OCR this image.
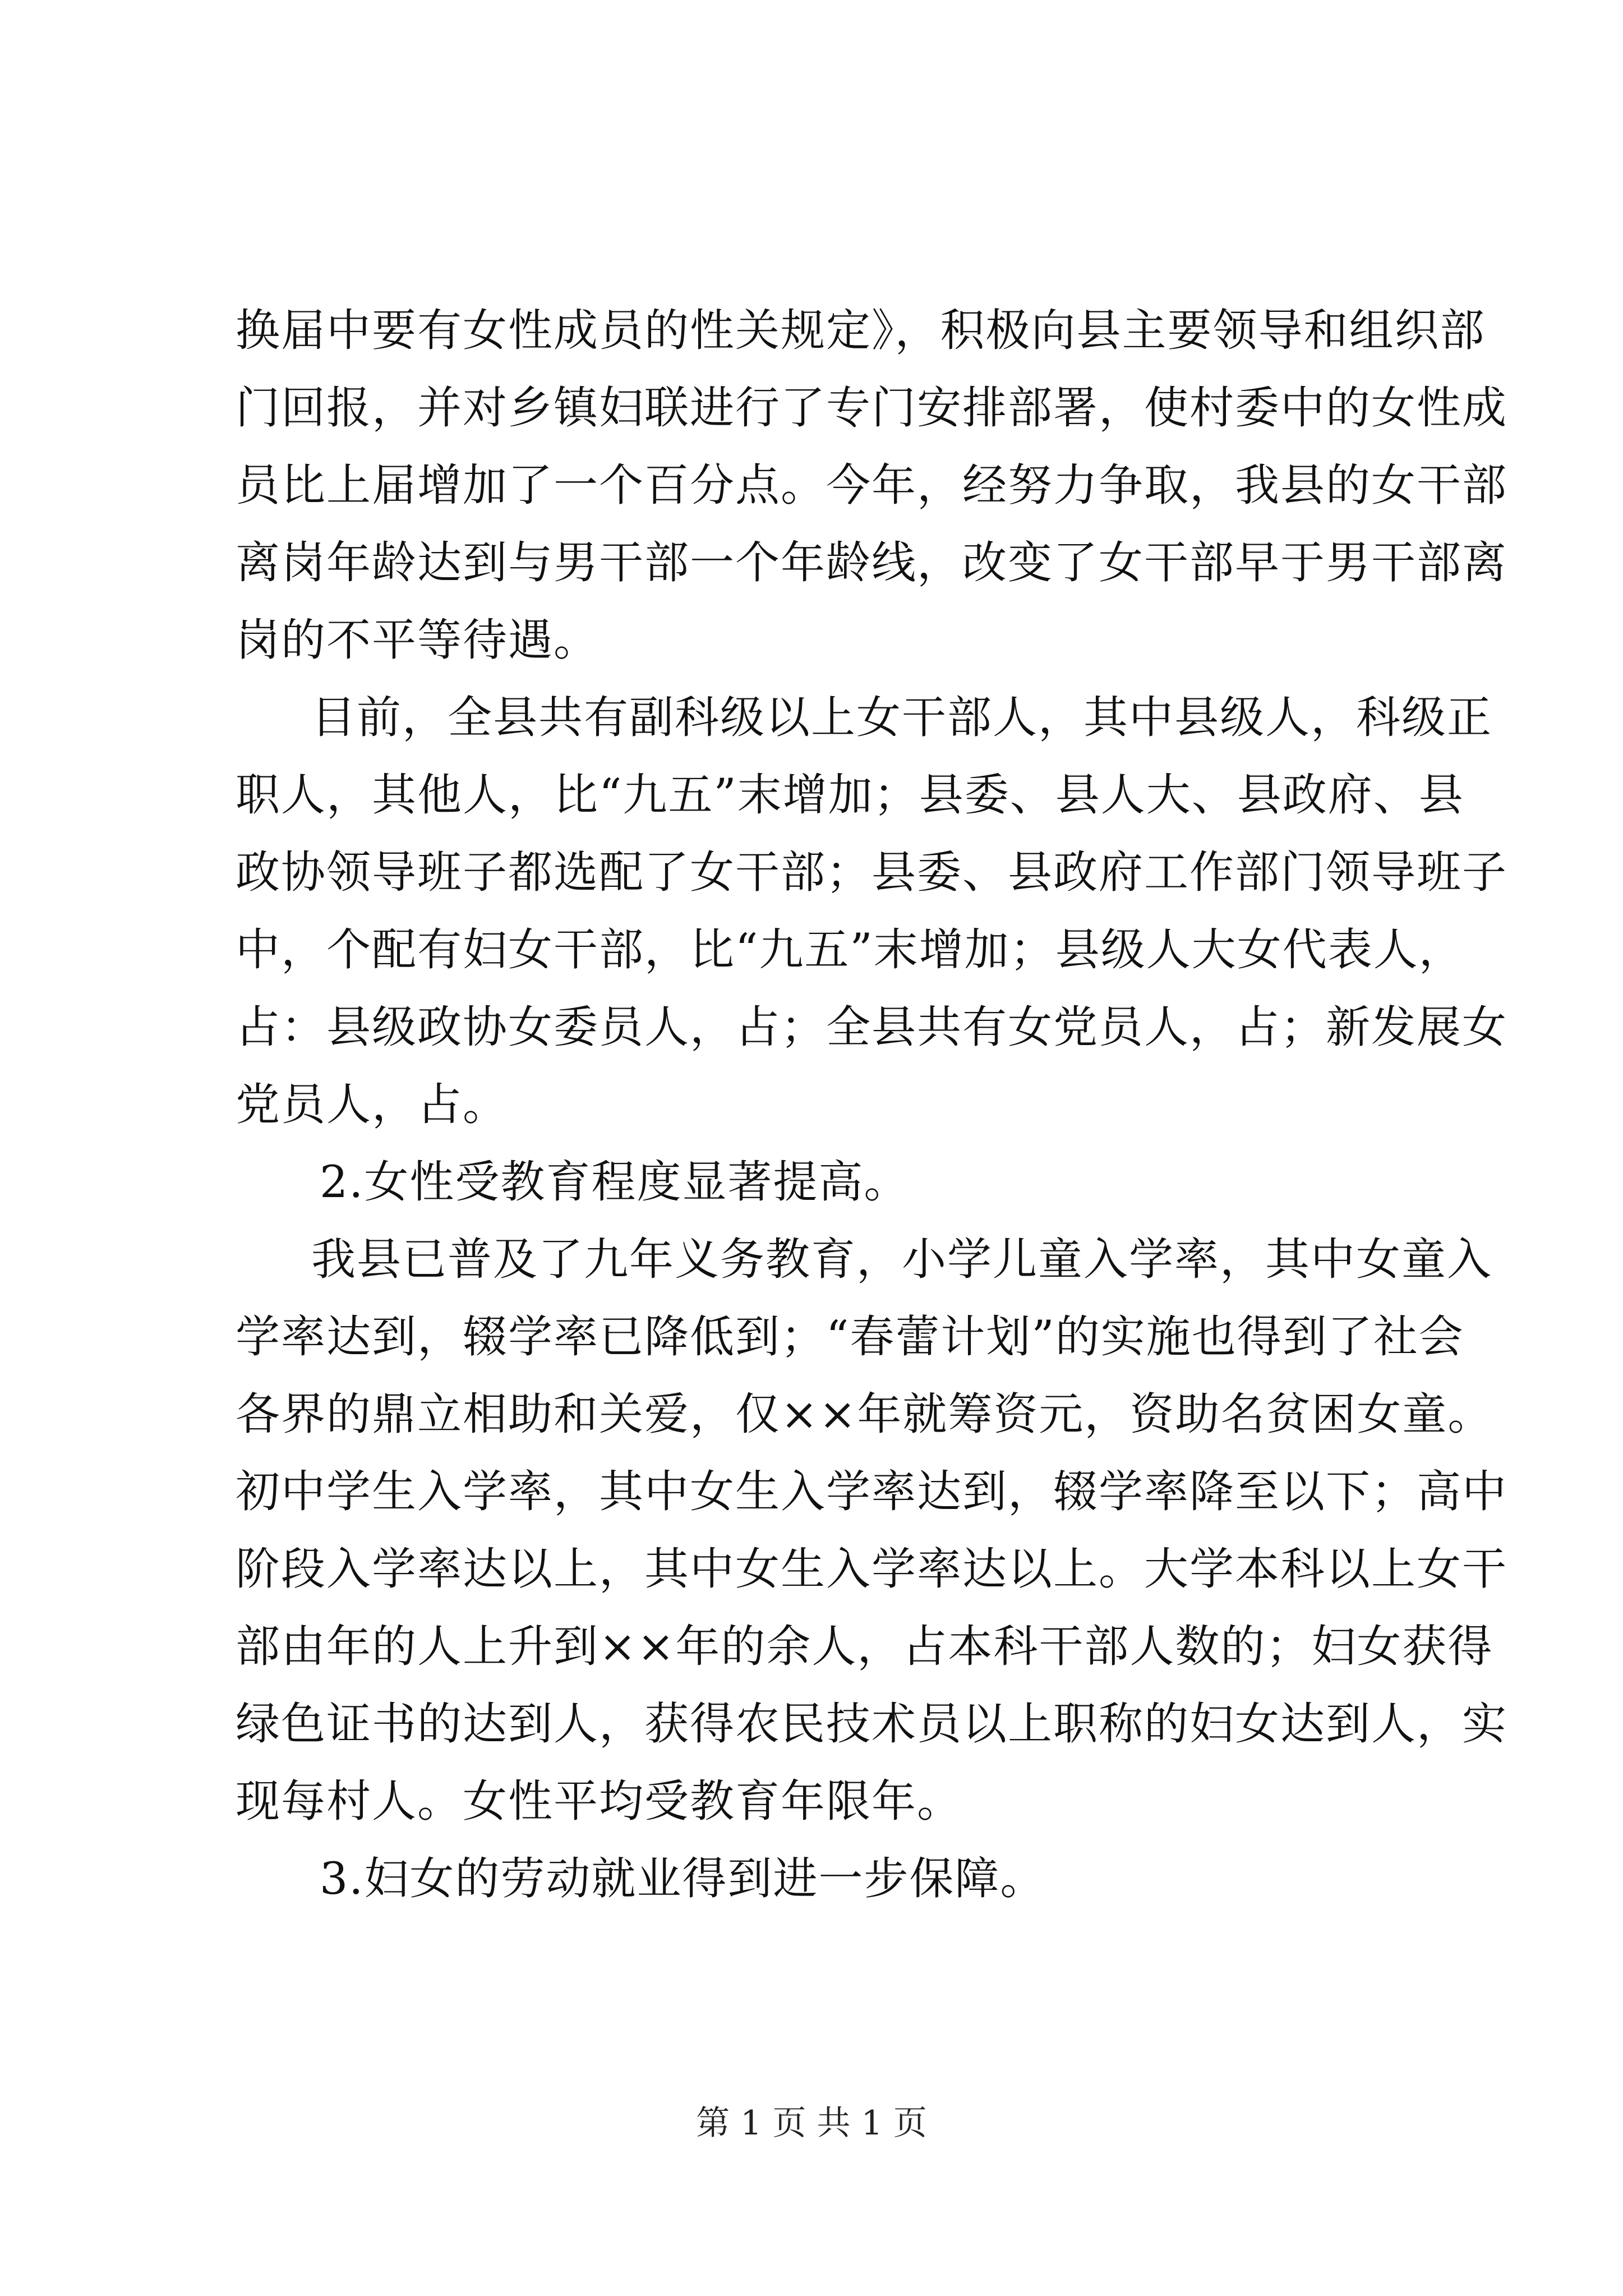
换届中要有女性成员的性关规定》，积极向县主要领导和组织部
门回报，并对乡镇妇联进行了专门安排部署，使村委中的女性成
员比上届增加了一个百分点。今年，经努力争取，我县的女干部
离岗年龄达到与男干部一个年龄线，改变了女干部早于男干部离
岗的不平等待遇。
目前，全县共有副科级以上女干部人，其中县级人，科级正
职人，其他人，比“九五”末增加；县委、县人大、县政府、县
政协领导班子都选配了女干部；县委、县政府工作部门领导班子
中，个配有妇女干部，比“九五”末增加；县级人大女代表人，
占：县级政协女委员人，占；全县共有女党员人，占；新发展女
党员人，占。
2.女性受教育程度显著提高。
我县已普及了九年义务教育，小学儿童入学率，其中女童入
学率达到，辍学率已降低到；“春蕾计划”的实施也得到了社会
各界的鼎立相助和关爱，仅××年就筹资元，资助名贫困女童。
初中学生入学率，其中女生入学率达到，辍学率降至以下；高中
阶段入学率达以上，其中女生入学率达以上。大学本科以上女干
部由年的人上升到××年的余人，占本科干部人数的；妇女获得
绿色证书的达到人，获得农民技术员以上职称的妇女达到人，实
现每村人。女性平均受教育年限年。
3.妇女的劳动就业得到进一步保障。
第 1 页 共 1 页
